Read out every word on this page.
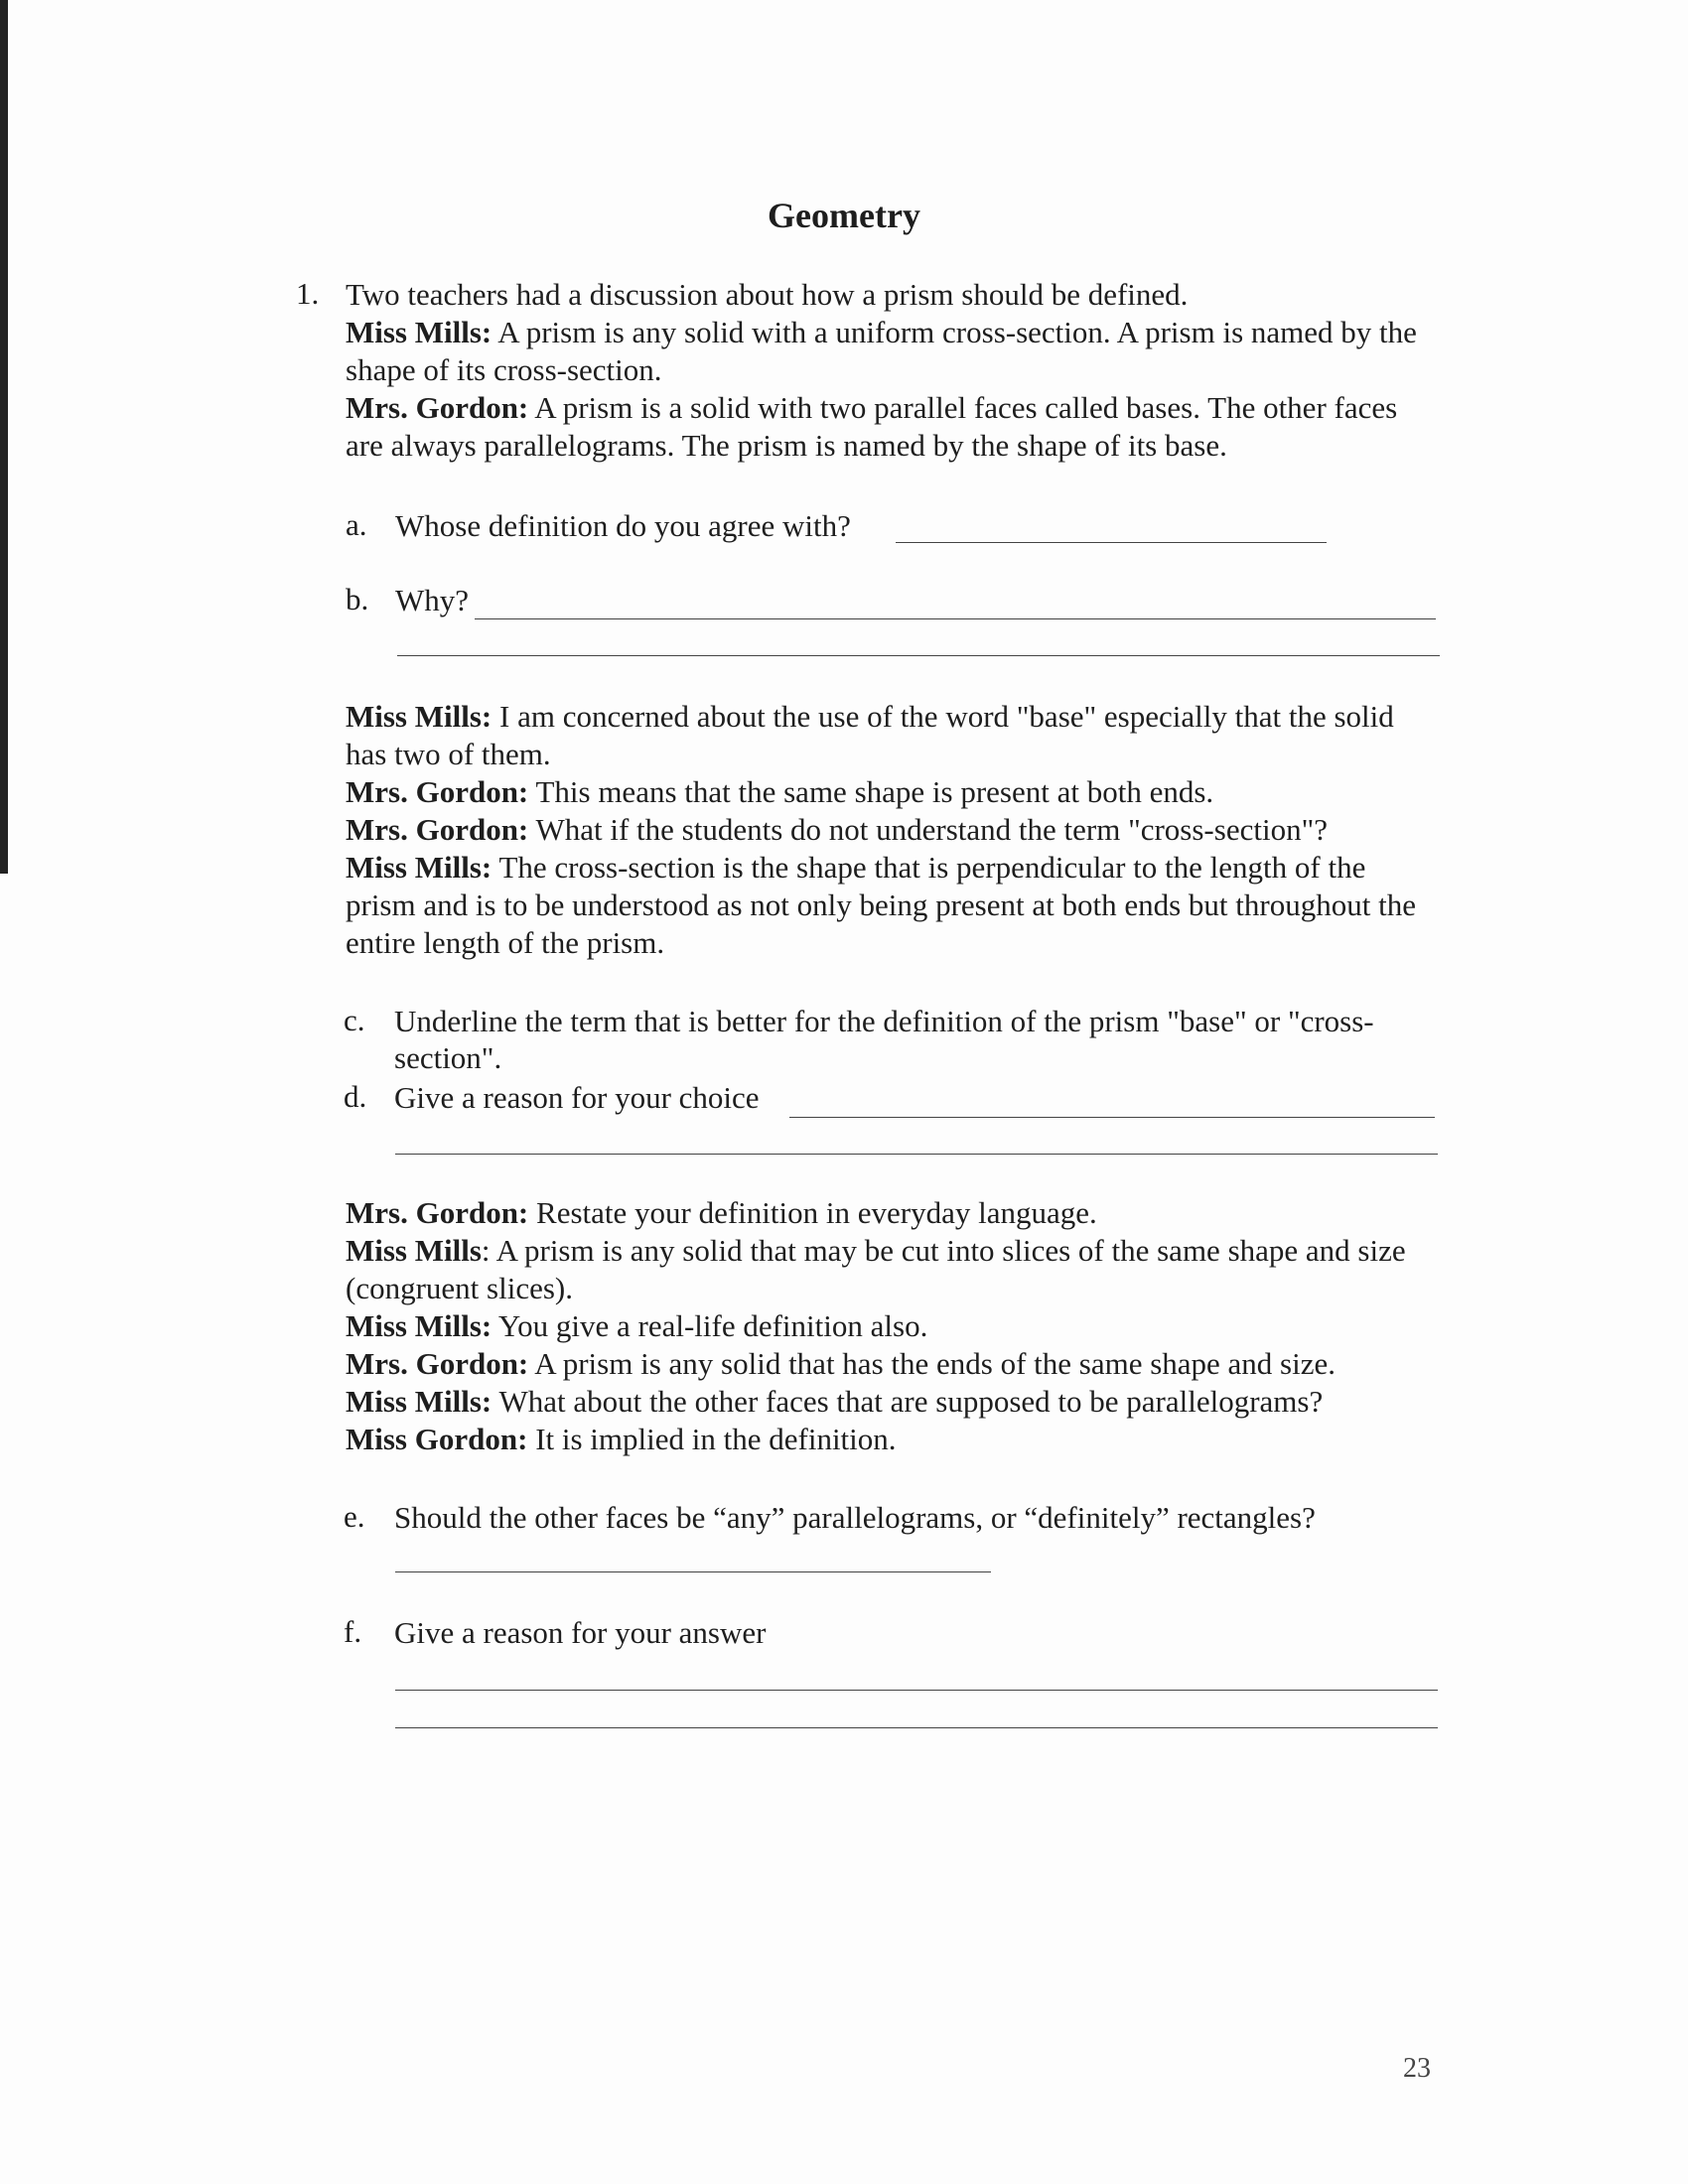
Geometry
1. Two teachers had a discussion about how a prism should be defined.
Miss Mills: A prism is any solid with a uniform cross-section. A prism is named by the shape of its cross-section.
Mrs. Gordon: A prism is a solid with two parallel faces called bases. The other faces are always parallelograms. The prism is named by the shape of its base.
a. Whose definition do you agree with?
b. Why?
Miss Mills: I am concerned about the use of the word "base" especially that the solid has two of them.
Mrs. Gordon: This means that the same shape is present at both ends.
Mrs. Gordon: What if the students do not understand the term "cross-section"?
Miss Mills: The cross-section is the shape that is perpendicular to the length of the prism and is to be understood as not only being present at both ends but throughout the entire length of the prism.
c. Underline the term that is better for the definition of the prism "base" or "cross-section".
d. Give a reason for your choice
Mrs. Gordon: Restate your definition in everyday language.
Miss Mills: A prism is any solid that may be cut into slices of the same shape and size (congruent slices).
Miss Mills: You give a real-life definition also.
Mrs. Gordon: A prism is any solid that has the ends of the same shape and size.
Miss Mills: What about the other faces that are supposed to be parallelograms?
Miss Gordon: It is implied in the definition.
e. Should the other faces be “any” parallelograms, or “definitely” rectangles?
f. Give a reason for your answer
23
